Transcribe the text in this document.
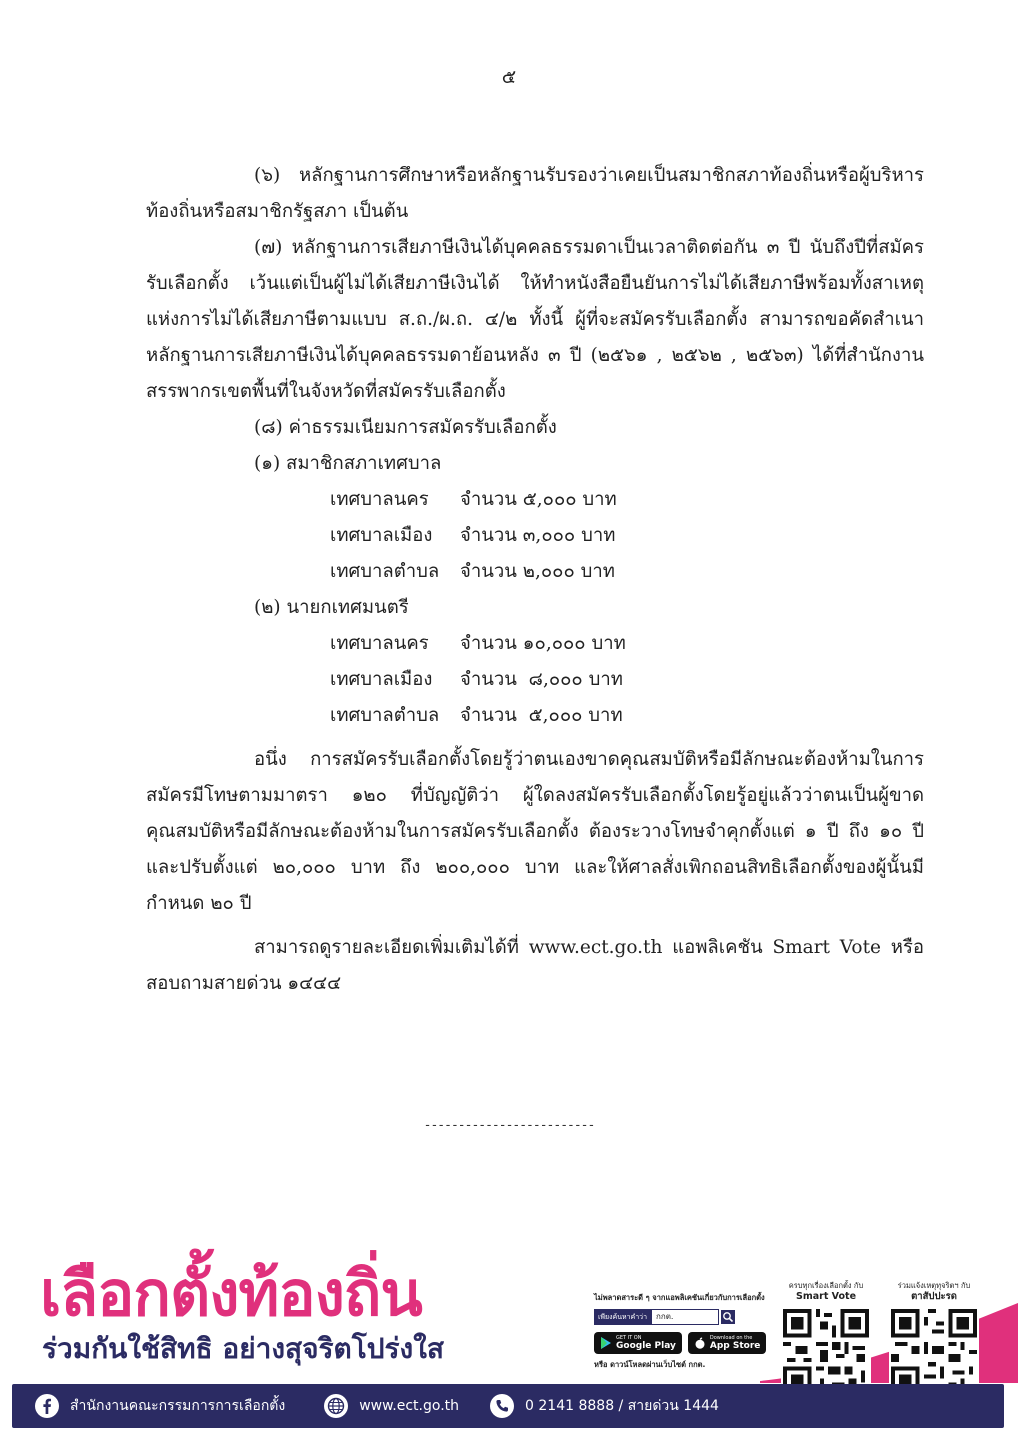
๕

(๖) หลักฐานการศึกษาหรือหลักฐานรับรองว่าเคยเป็นสมาชิกสภาท้องถิ่นหรือผู้บริหารท้องถิ่นหรือสมาชิกรัฐสภา เป็นต้น

(๗) หลักฐานการเสียภาษีเงินได้บุคคลธรรมดาเป็นเวลาติดต่อกัน ๓ ปี นับถึงปีที่สมัครรับเลือกตั้ง เว้นแต่เป็นผู้ไม่ได้เสียภาษีเงินได้ ให้ทำหนังสือยืนยันการไม่ได้เสียภาษีพร้อมทั้งสาเหตุแห่งการไม่ได้เสียภาษีตามแบบ ส.ถ./ผ.ถ. ๔/๒ ทั้งนี้ ผู้ที่จะสมัครรับเลือกตั้ง สามารถขอคัดสำเนาหลักฐานการเสียภาษีเงินได้บุคคลธรรมดาย้อนหลัง ๓ ปี (๒๕๖๑ , ๒๕๖๒ , ๒๕๖๓) ได้ที่สำนักงานสรรพากรเขตพื้นที่ในจังหวัดที่สมัครรับเลือกตั้ง

(๘) ค่าธรรมเนียมการสมัครรับเลือกตั้ง
(๑) สมาชิกสภาเทศบาล
เทศบาลนคร	จำนวน ๕,๐๐๐ บาท
เทศบาลเมือง	จำนวน ๓,๐๐๐ บาท
เทศบาลตำบล	จำนวน ๒,๐๐๐ บาท
(๒) นายกเทศมนตรี
เทศบาลนคร	จำนวน ๑๐,๐๐๐ บาท
เทศบาลเมือง	จำนวน  ๘,๐๐๐ บาท
เทศบาลตำบล	จำนวน  ๕,๐๐๐ บาท

อนึ่ง การสมัครรับเลือกตั้งโดยรู้ว่าตนเองขาดคุณสมบัติหรือมีลักษณะต้องห้ามในการสมัครมีโทษตามมาตรา ๑๒๐ ที่บัญญัติว่า ผู้ใดลงสมัครรับเลือกตั้งโดยรู้อยู่แล้วว่าตนเป็นผู้ขาดคุณสมบัติหรือมีลักษณะต้องห้ามในการสมัครรับเลือกตั้ง ต้องระวางโทษจำคุกตั้งแต่ ๑ ปี ถึง ๑๐ ปี และปรับตั้งแต่ ๒๐,๐๐๐ บาท ถึง ๒๐๐,๐๐๐ บาท และให้ศาลสั่งเพิกถอนสิทธิเลือกตั้งของผู้นั้นมีกำหนด ๒๐ ปี

สามารถดูรายละเอียดเพิ่มเติมได้ที่ www.ect.go.th แอพลิเคชัน Smart Vote หรือสอบถามสายด่วน ๑๔๔๔

-------------------------
เลือกตั้งท้องถิ่น
ร่วมกันใช้สิทธิ อย่างสุจริตโปร่งใส
ไม่พลาดสาระดี ๆ จากแอพลิเคชันเกี่ยวกับการเลือกตั้ง
เพียงค้นหาคำว่า	กกต.
GET IT ON
Google Play
Download on the
App Store
หรือ ดาวน์โหลดผ่านเว็บไซต์ กกต.
ครบทุกเรื่องเลือกตั้ง กับ
Smart Vote
ร่วมแจ้งเหตุทุจริตฯ กับ
ตาสัปปะรด
สำนักงานคณะกรรมการการเลือกตั้ง	www.ect.go.th	0 2141 8888 / สายด่วน 1444
